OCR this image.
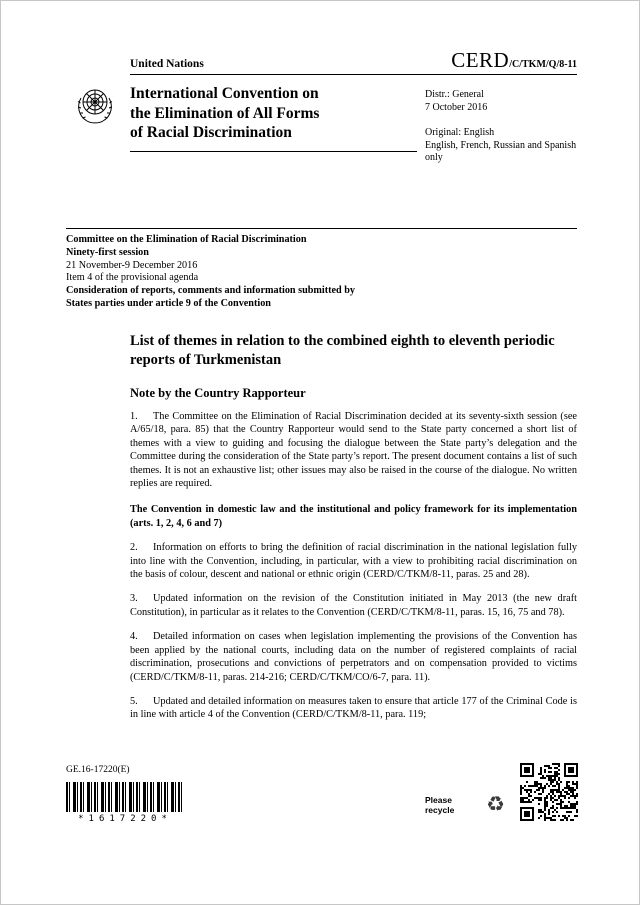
United Nations	CERD/C/TKM/Q/8-11
International Convention on the Elimination of All Forms of Racial Discrimination
Distr.: General
7 October 2016
Original: English
English, French, Russian and Spanish only
Committee on the Elimination of Racial Discrimination
Ninety-first session
21 November-9 December 2016
Item 4 of the provisional agenda
Consideration of reports, comments and information submitted by States parties under article 9 of the Convention
List of themes in relation to the combined eighth to eleventh periodic reports of Turkmenistan
Note by the Country Rapporteur

1. The Committee on the Elimination of Racial Discrimination decided at its seventy-sixth session (see A/65/18, para. 85) that the Country Rapporteur would send to the State party concerned a short list of themes with a view to guiding and focusing the dialogue between the State party’s delegation and the Committee during the consideration of the State party’s report. The present document contains a list of such themes. It is not an exhaustive list; other issues may also be raised in the course of the dialogue. No written replies are required.

The Convention in domestic law and the institutional and policy framework for its implementation (arts. 1, 2, 4, 6 and 7)

2. Information on efforts to bring the definition of racial discrimination in the national legislation fully into line with the Convention, including, in particular, with a view to prohibiting racial discrimination on the basis of colour, descent and national or ethnic origin (CERD/C/TKM/8-11, paras. 25 and 28).

3. Updated information on the revision of the Constitution initiated in May 2013 (the new draft Constitution), in particular as it relates to the Convention (CERD/C/TKM/8-11, paras. 15, 16, 75 and 78).

4. Detailed information on cases when legislation implementing the provisions of the Convention has been applied by the national courts, including data on the number of registered complaints of racial discrimination, prosecutions and convictions of perpetrators and on compensation provided to victims (CERD/C/TKM/8-11, paras. 214-216; CERD/C/TKM/CO/6-7, para. 11).

5. Updated and detailed information on measures taken to ensure that article 177 of the Criminal Code is in line with article 4 of the Convention (CERD/C/TKM/8-11, para. 119;

GE.16-17220(E)
*1617220*
Please recycle	♻
